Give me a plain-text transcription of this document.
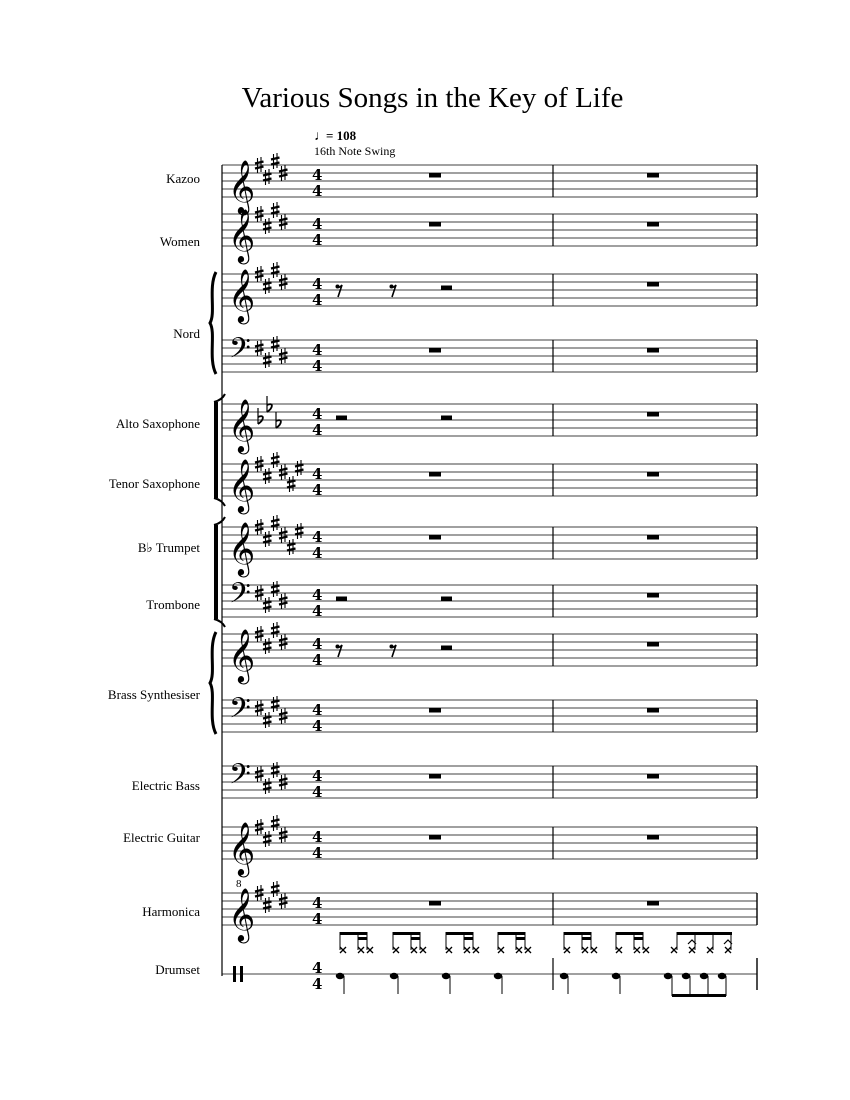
Various Songs in the Key of Life
♩
= 108
16th Note Swing
𝄞	4
4
𝄞	4
4
𝄞	4
4
𝄢	4
4
𝄞	4
4
𝄞	4
4
𝄞	4
4
𝄢	4
4
𝄞	4
4
𝄢	4
4
𝄢	4
4
𝄞
8
4
4
𝄞	4
4
4
4
Kazoo
Women
Nord
Alto Saxophone
Tenor Saxophone
B♭ Trumpet
Trombone
Brass Synthesiser
Electric Bass
Electric Guitar
Harmonica
Drumset
